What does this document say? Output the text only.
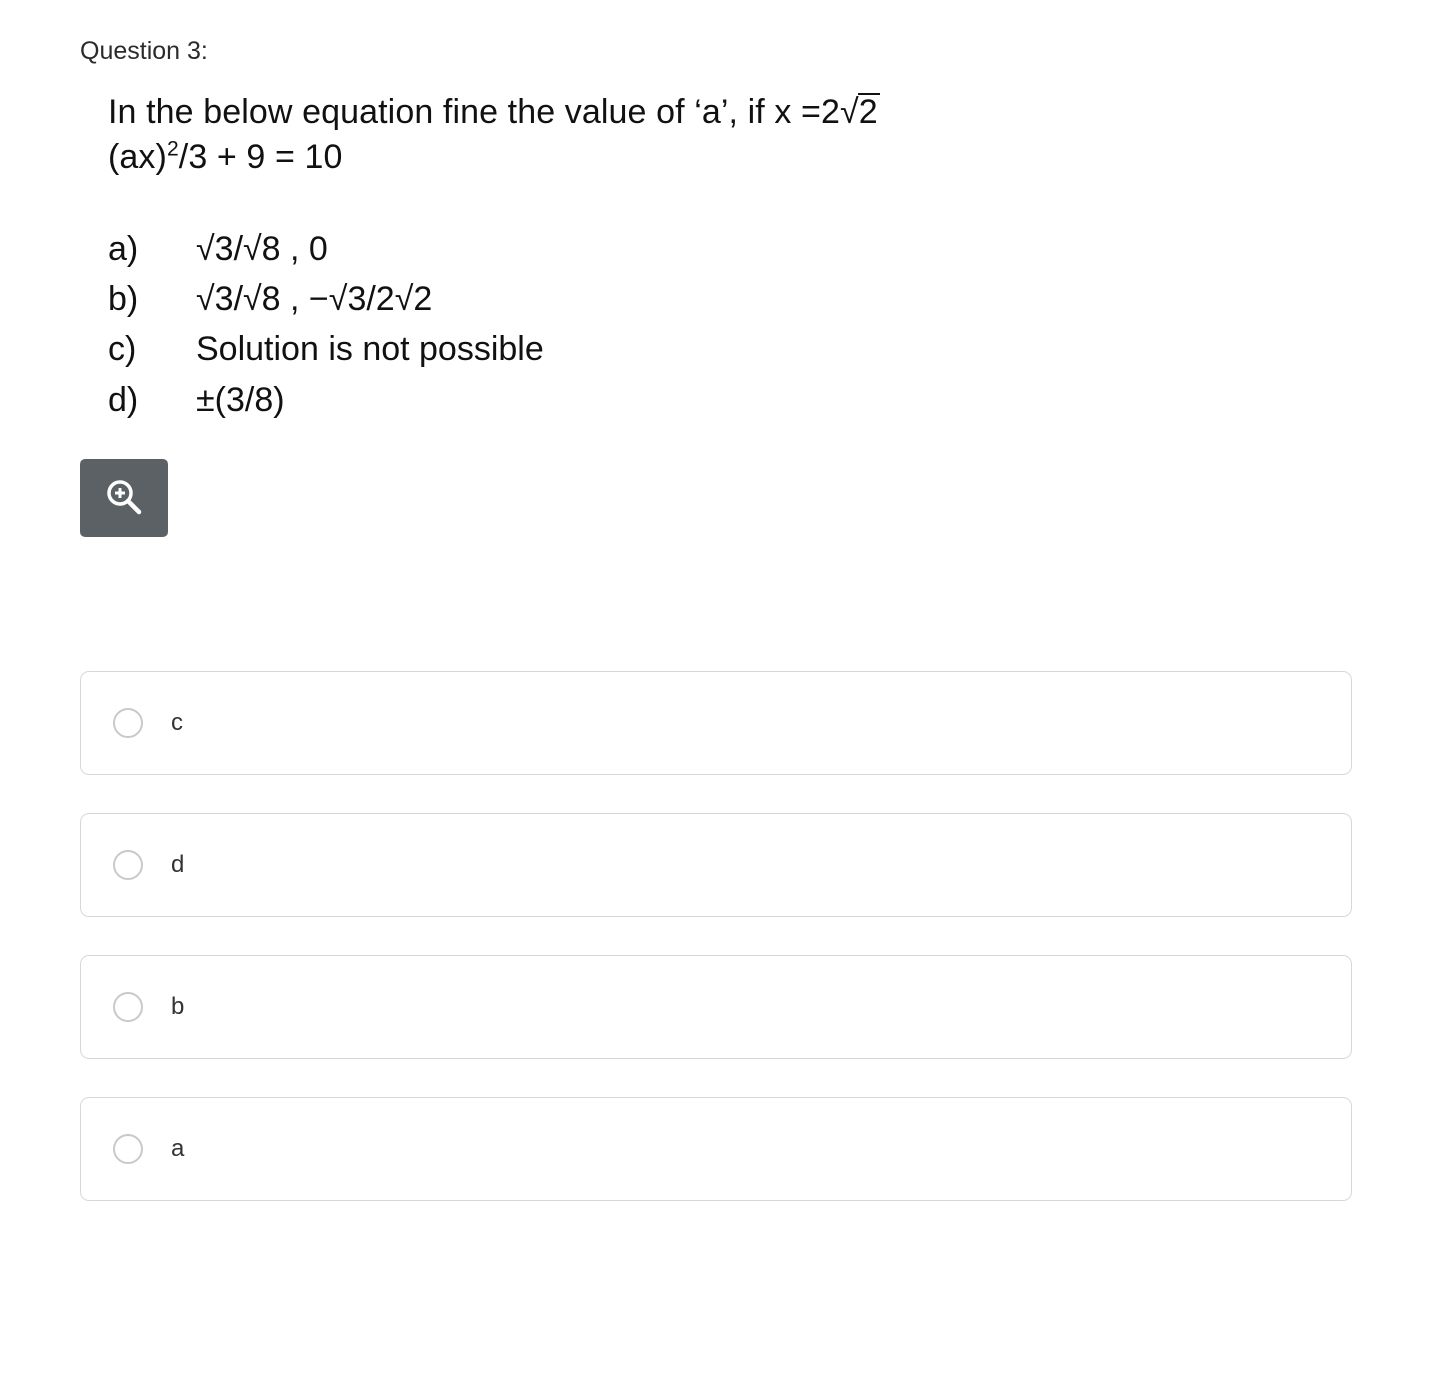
Question 3:
In the below equation fine the value of ‘a’, if x =2√2
(ax)$^2$/3 + 9 = 10
a)	√3/√8 , 0
b)	√3/√8 , −√3/2√2
c)	Solution is not possible
d)	±(3/8)
c
d
b
a
